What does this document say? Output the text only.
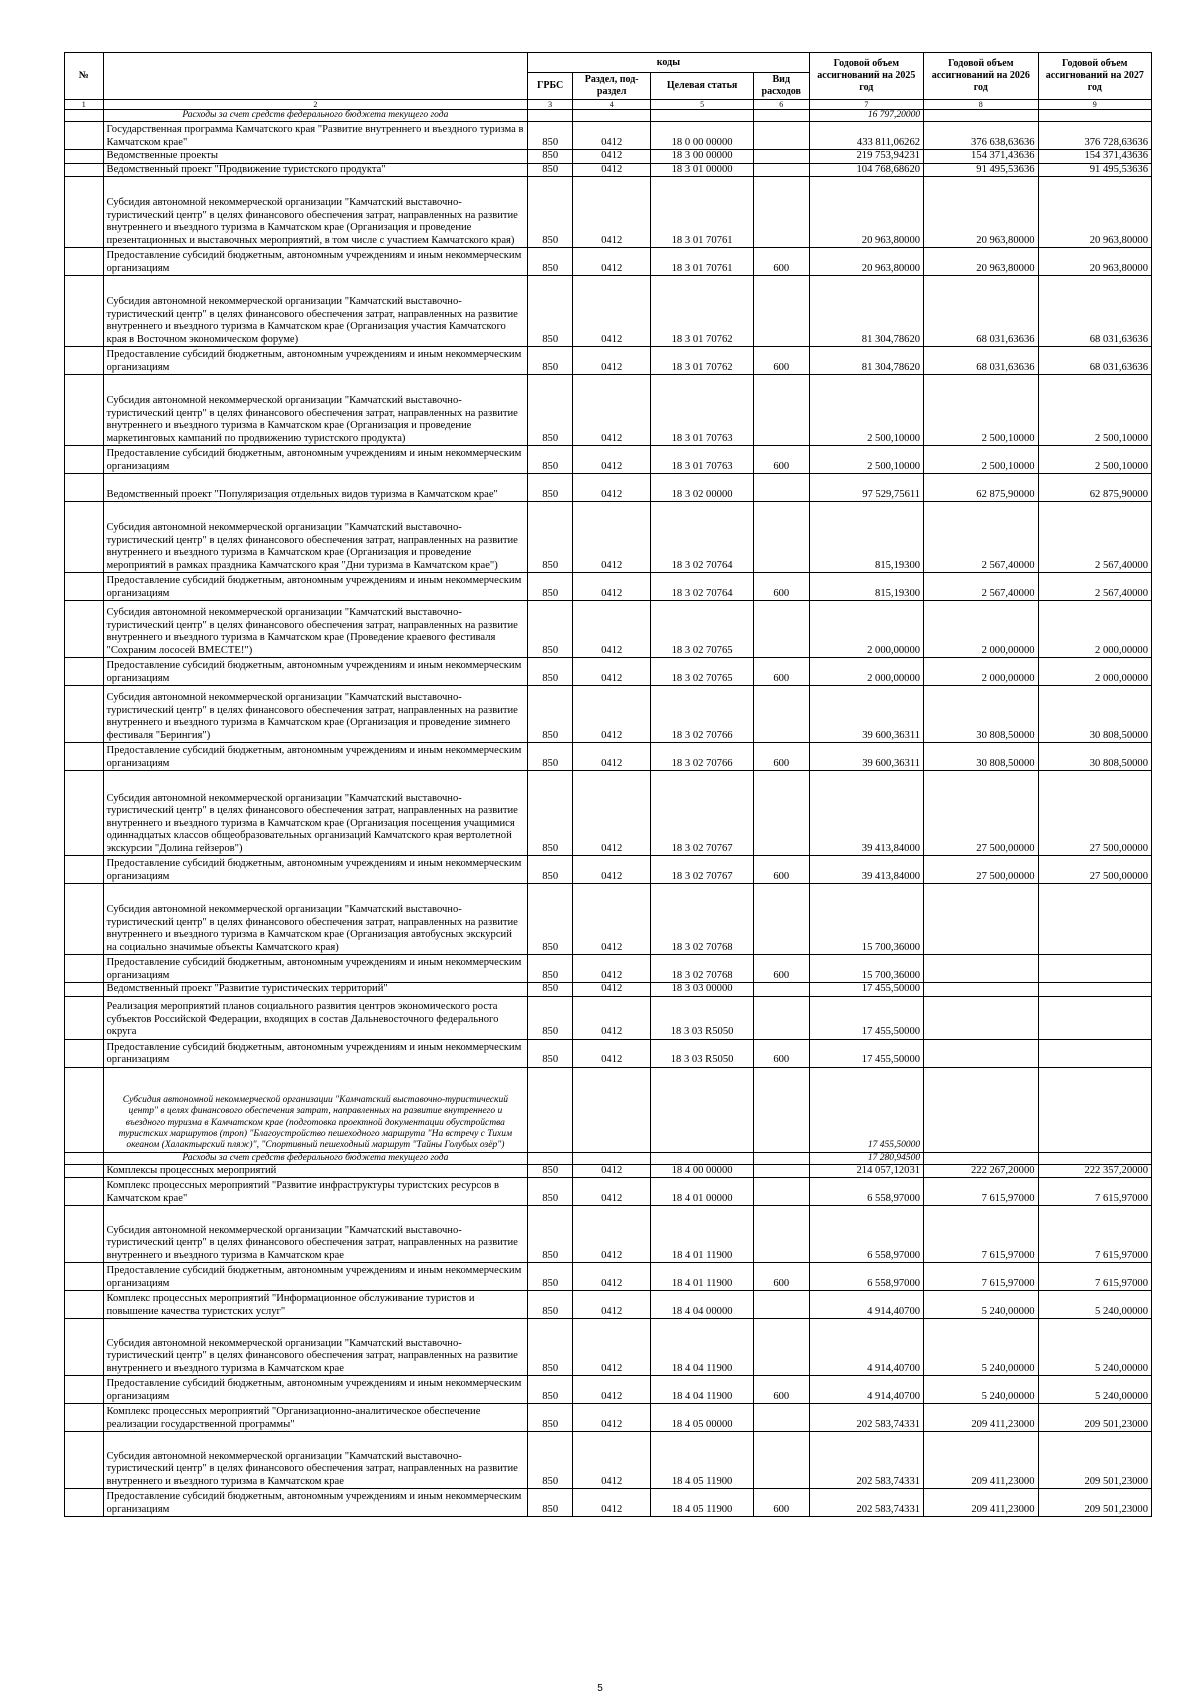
№		коды				Годовой объем ассигнований на 2025 год	Годовой объем ассигнований на 2026 год	Годовой объем ассигнований на 2027 год
		ГРБС	Раздел, под-раздел	Целевая статья	Вид расходов			
1	2	3	4	5	6	7	8	9
	Расходы за счет средств федерального бюджета текущего года					16 797,20000		
	Государственная программа Камчатского края "Развитие внутреннего и въездного туризма в Камчатском крае"	850	0412	18 0 00 00000		433 811,06262	376 638,63636	376 728,63636
	Ведомственные проекты	850	0412	18 3 00 00000		219 753,94231	154 371,43636	154 371,43636
	Ведомственный проект "Продвижение туристского продукта"	850	0412	18 3 01 00000		104 768,68620	91 495,53636	91 495,53636
	Субсидия автономной некоммерческой организации "Камчатский выставочно-туристический центр" в целях финансового обеспечения затрат, направленных на развитие внутреннего и въездного туризма в Камчатском крае (Организация и проведение презентационных и выставочных мероприятий, в том числе с участием Камчатского края)	850	0412	18 3 01 70761		20 963,80000	20 963,80000	20 963,80000
	Предоставление субсидий бюджетным, автономным учреждениям и иным некоммерческим организациям	850	0412	18 3 01 70761	600	20 963,80000	20 963,80000	20 963,80000
	Субсидия автономной некоммерческой организации "Камчатский выставочно-туристический центр" в целях финансового обеспечения затрат, направленных на развитие внутреннего и въездного туризма в Камчатском крае (Организация участия Камчатского края в Восточном экономическом форуме)	850	0412	18 3 01 70762		81 304,78620	68 031,63636	68 031,63636
	Предоставление субсидий бюджетным, автономным учреждениям и иным некоммерческим организациям	850	0412	18 3 01 70762	600	81 304,78620	68 031,63636	68 031,63636
	Субсидия автономной некоммерческой организации "Камчатский выставочно-туристический центр" в целях финансового обеспечения затрат, направленных на развитие внутреннего и въездного туризма в Камчатском крае (Организация и проведение маркетинговых кампаний по продвижению туристского продукта)	850	0412	18 3 01 70763		2 500,10000	2 500,10000	2 500,10000
	Предоставление субсидий бюджетным, автономным учреждениям и иным некоммерческим организациям	850	0412	18 3 01 70763	600	2 500,10000	2 500,10000	2 500,10000
	Ведомственный проект "Популяризация отдельных видов туризма в Камчатском крае"	850	0412	18 3 02 00000		97 529,75611	62 875,90000	62 875,90000
	Субсидия автономной некоммерческой организации "Камчатский выставочно-туристический центр" в целях финансового обеспечения затрат, направленных на развитие внутреннего и въездного туризма в Камчатском крае (Организация и проведение мероприятий в рамках праздника Камчатского края "Дни туризма в Камчатском крае")	850	0412	18 3 02 70764		815,19300	2 567,40000	2 567,40000
	Предоставление субсидий бюджетным, автономным учреждениям и иным некоммерческим организациям	850	0412	18 3 02 70764	600	815,19300	2 567,40000	2 567,40000
	Субсидия автономной некоммерческой организации "Камчатский выставочно-туристический центр" в целях финансового обеспечения затрат, направленных на развитие внутреннего и въездного туризма в Камчатском крае (Проведение краевого фестиваля "Сохраним лососей ВМЕСТЕ!")	850	0412	18 3 02 70765		2 000,00000	2 000,00000	2 000,00000
	Предоставление субсидий бюджетным, автономным учреждениям и иным некоммерческим организациям	850	0412	18 3 02 70765	600	2 000,00000	2 000,00000	2 000,00000
	Субсидия автономной некоммерческой организации "Камчатский выставочно-туристический центр" в целях финансового обеспечения затрат, направленных на развитие внутреннего и въездного туризма в Камчатском крае (Организация и проведение зимнего фестиваля "Берингия")	850	0412	18 3 02 70766		39 600,36311	30 808,50000	30 808,50000
	Предоставление субсидий бюджетным, автономным учреждениям и иным некоммерческим организациям	850	0412	18 3 02 70766	600	39 600,36311	30 808,50000	30 808,50000
	Субсидия автономной некоммерческой организации "Камчатский выставочно-туристический центр" в целях финансового обеспечения затрат, направленных на развитие внутреннего и въездного туризма в Камчатском крае (Организация посещения учащимися одиннадцатых классов общеобразовательных организаций Камчатского края вертолетной экскурсии "Долина гейзеров")	850	0412	18 3 02 70767		39 413,84000	27 500,00000	27 500,00000
	Предоставление субсидий бюджетным, автономным учреждениям и иным некоммерческим организациям	850	0412	18 3 02 70767	600	39 413,84000	27 500,00000	27 500,00000
	Субсидия автономной некоммерческой организации "Камчатский выставочно-туристический центр" в целях финансового обеспечения затрат, направленных на развитие внутреннего и въездного туризма в Камчатском крае (Организация автобусных экскурсий на социально значимые объекты Камчатского края)	850	0412	18 3 02 70768		15 700,36000		
	Предоставление субсидий бюджетным, автономным учреждениям и иным некоммерческим организациям	850	0412	18 3 02 70768	600	15 700,36000		
	Ведомственный проект "Развитие туристических территорий"	850	0412	18 3 03 00000		17 455,50000		
	Реализация мероприятий планов социального развития центров экономического роста субъектов Российской Федерации, входящих в состав Дальневосточного федерального округа	850	0412	18 3 03 R5050		17 455,50000		
	Предоставление субсидий бюджетным, автономным учреждениям и иным некоммерческим организациям	850	0412	18 3 03 R5050	600	17 455,50000		
	Субсидия автономной некоммерческой организации "Камчатский выставочно-туристический центр" в целях финансового обеспечения затрат, направленных на развитие внутреннего и въездного туризма в Камчатском крае (подготовка проектной документации обустройства туристских маршрутов (троп) "Благоустройство пешеходного маршрута "На встречу с Тихим океаном (Халактырский пляж)", "Спортивный пешеходный маршрут "Тайны Голубых озёр")					17 455,50000		
	Расходы за счет средств федерального бюджета текущего года					17 280,94500		
	Комплексы процессных мероприятий	850	0412	18 4 00 00000		214 057,12031	222 267,20000	222 357,20000
	Комплекс процессных мероприятий "Развитие инфраструктуры туристских ресурсов в Камчатском крае"	850	0412	18 4 01 00000		6 558,97000	7 615,97000	7 615,97000
	Субсидия автономной некоммерческой организации "Камчатский выставочно-туристический центр" в целях финансового обеспечения затрат, направленных на развитие внутреннего и въездного туризма в Камчатском крае	850	0412	18 4 01 11900		6 558,97000	7 615,97000	7 615,97000
	Предоставление субсидий бюджетным, автономным учреждениям и иным некоммерческим организациям	850	0412	18 4 01 11900	600	6 558,97000	7 615,97000	7 615,97000
	Комплекс процессных мероприятий "Информационное обслуживание туристов и повышение качества туристских услуг"	850	0412	18 4 04 00000		4 914,40700	5 240,00000	5 240,00000
	Субсидия автономной некоммерческой организации "Камчатский выставочно-туристический центр" в целях финансового обеспечения затрат, направленных на развитие внутреннего и въездного туризма в Камчатском крае	850	0412	18 4 04 11900		4 914,40700	5 240,00000	5 240,00000
	Предоставление субсидий бюджетным, автономным учреждениям и иным некоммерческим организациям	850	0412	18 4 04 11900	600	4 914,40700	5 240,00000	5 240,00000
	Комплекс процессных мероприятий "Организационно-аналитическое обеспечение реализации государственной программы"	850	0412	18 4 05 00000		202 583,74331	209 411,23000	209 501,23000
	Субсидия автономной некоммерческой организации "Камчатский выставочно-туристический центр" в целях финансового обеспечения затрат, направленных на развитие внутреннего и въездного туризма в Камчатском крае	850	0412	18 4 05 11900		202 583,74331	209 411,23000	209 501,23000
	Предоставление субсидий бюджетным, автономным учреждениям и иным некоммерческим организациям	850	0412	18 4 05 11900	600	202 583,74331	209 411,23000	209 501,23000
5
